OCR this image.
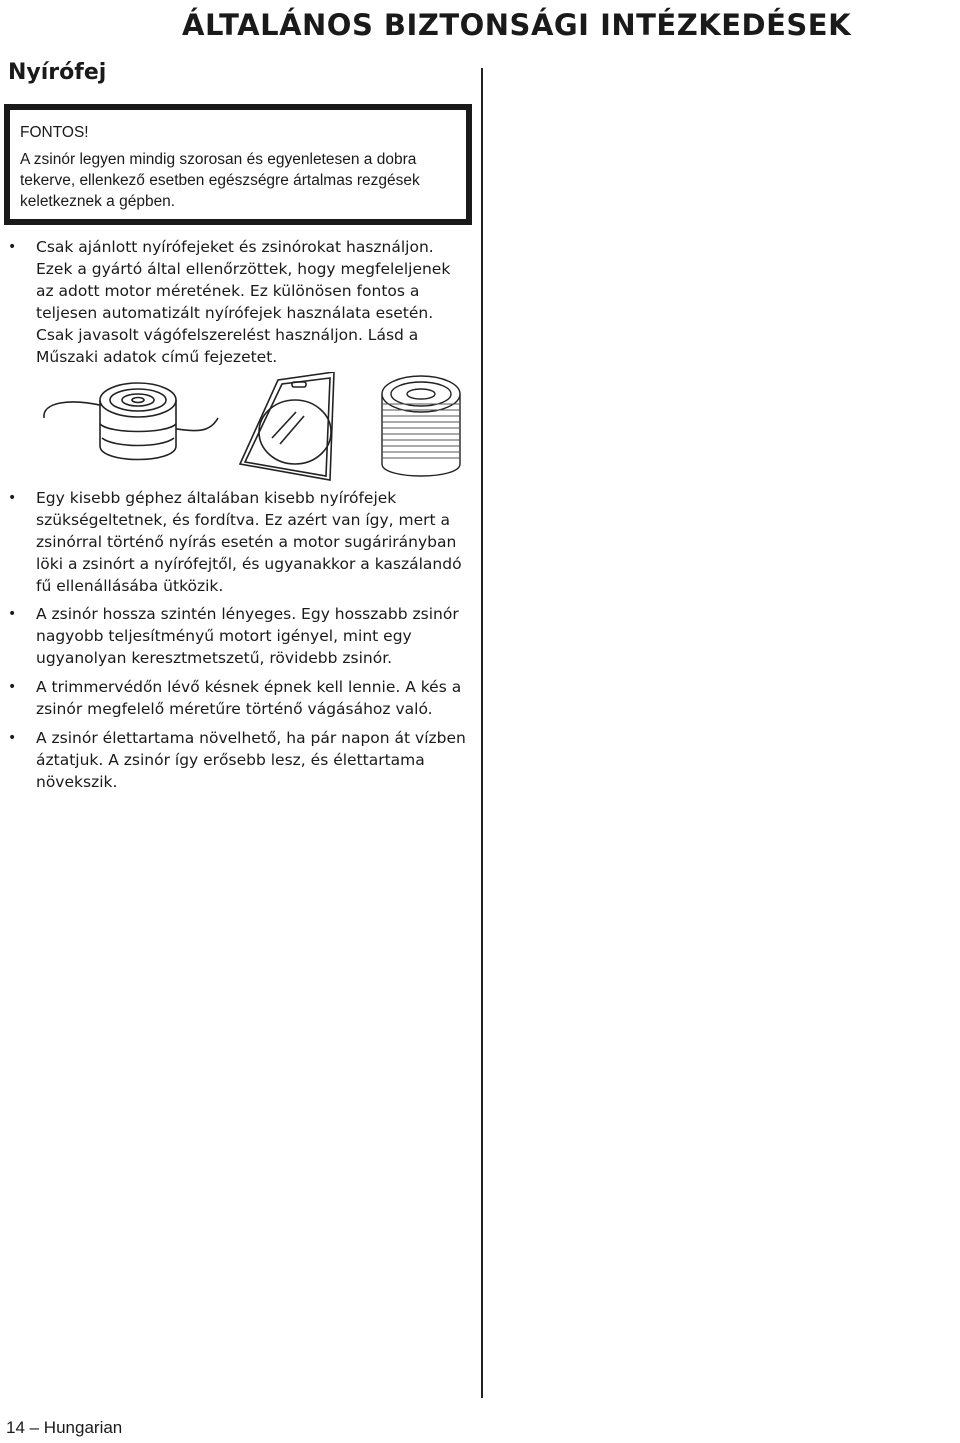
ÁLTALÁNOS BIZTONSÁGI INTÉZKEDÉSEK
Nyírófej
FONTOS!
A zsinór legyen mindig szorosan és egyenletesen a dobra tekerve, ellenkező esetben egészségre ártalmas rezgések keletkeznek a gépben.
•	Csak ajánlott nyírófejeket és zsinórokat használjon. Ezek a gyártó által ellenőrzöttek, hogy megfeleljenek az adott motor méretének. Ez különösen fontos a teljesen automatizált nyírófejek használata esetén. Csak javasolt vágófelszerelést használjon. Lásd a Műszaki adatok című fejezetet.
•	Egy kisebb géphez általában kisebb nyírófejek szükségeltetnek, és fordítva. Ez azért van így, mert a zsinórral történő nyírás esetén a motor sugárirányban löki a zsinórt a nyírófejtől, és ugyanakkor a kaszálandó fű ellenállásába ütközik.
•	A zsinór hossza szintén lényeges. Egy hosszabb zsinór nagyobb teljesítményű motort igényel, mint egy ugyanolyan keresztmetszetű, rövidebb zsinór.
•	A trimmervédőn lévő késnek épnek kell lennie. A kés a zsinór megfelelő méretűre történő vágásához való.
•	A zsinór élettartama növelhető, ha pár napon át vízben áztatjuk. A zsinór így erősebb lesz, és élettartama növekszik.
14 – Hungarian
